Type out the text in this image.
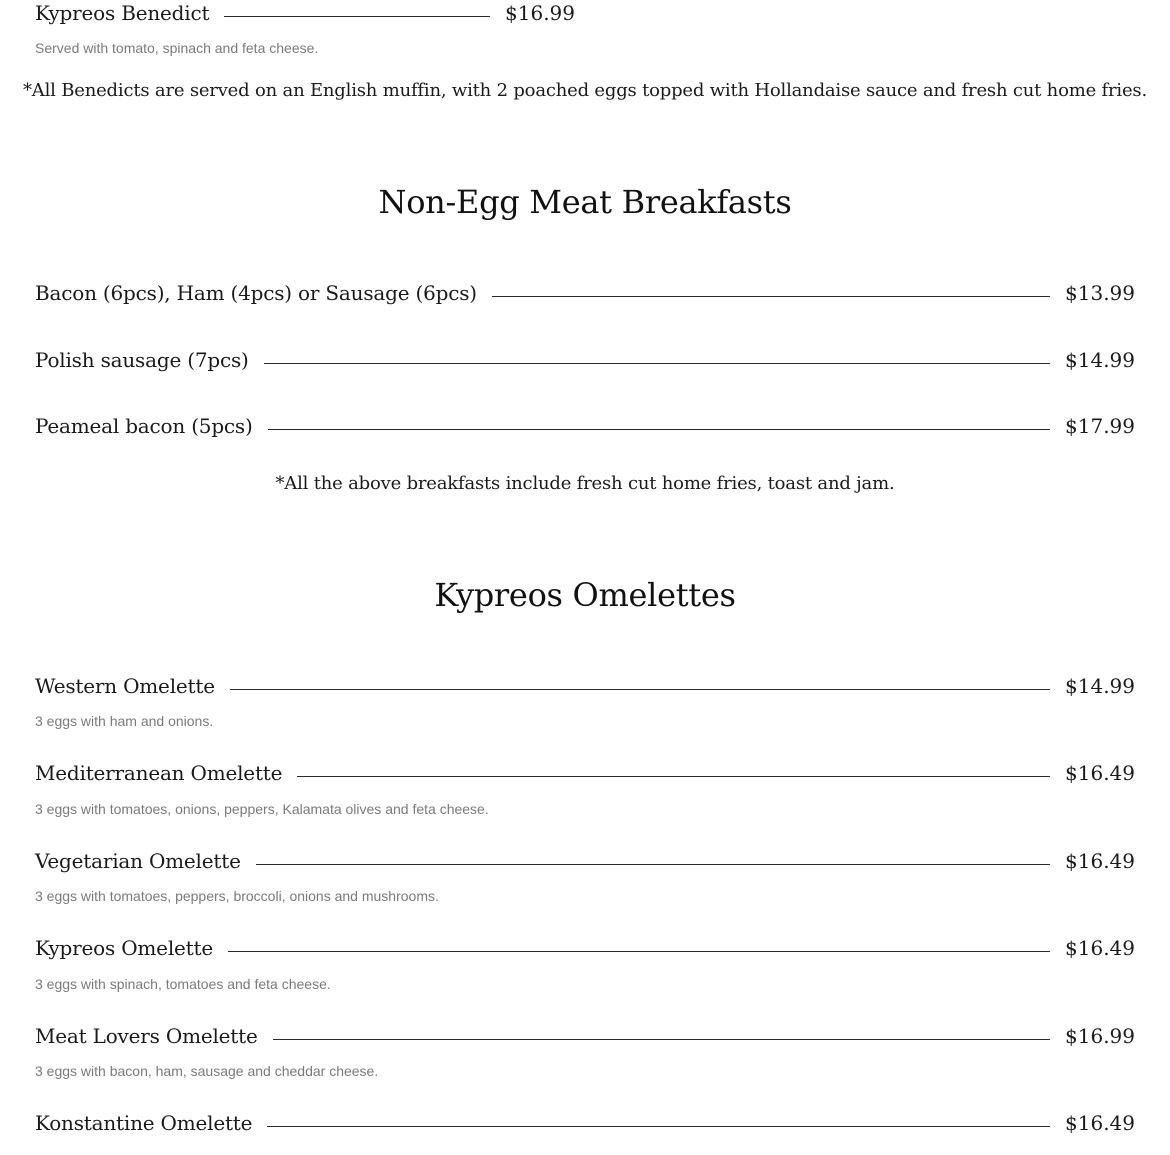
Kypreos Benedict	$16.99
Served with tomato, spinach and feta cheese.
*All Benedicts are served on an English muffin, with 2 poached eggs topped with Hollandaise sauce and fresh cut home fries.
Non-Egg Meat Breakfasts
Bacon (6pcs), Ham (4pcs) or Sausage (6pcs)	$13.99
Polish sausage (7pcs)	$14.99
Peameal bacon (5pcs)	$17.99
*All the above breakfasts include fresh cut home fries, toast and jam.
Kypreos Omelettes
Western Omelette	$14.99
3 eggs with ham and onions.
Mediterranean Omelette	$16.49
3 eggs with tomatoes, onions, peppers, Kalamata olives and feta cheese.
Vegetarian Omelette	$16.49
3 eggs with tomatoes, peppers, broccoli, onions and mushrooms.
Kypreos Omelette	$16.49
3 eggs with spinach, tomatoes and feta cheese.
Meat Lovers Omelette	$16.99
3 eggs with bacon, ham, sausage and cheddar cheese.
Konstantine Omelette	$16.49
